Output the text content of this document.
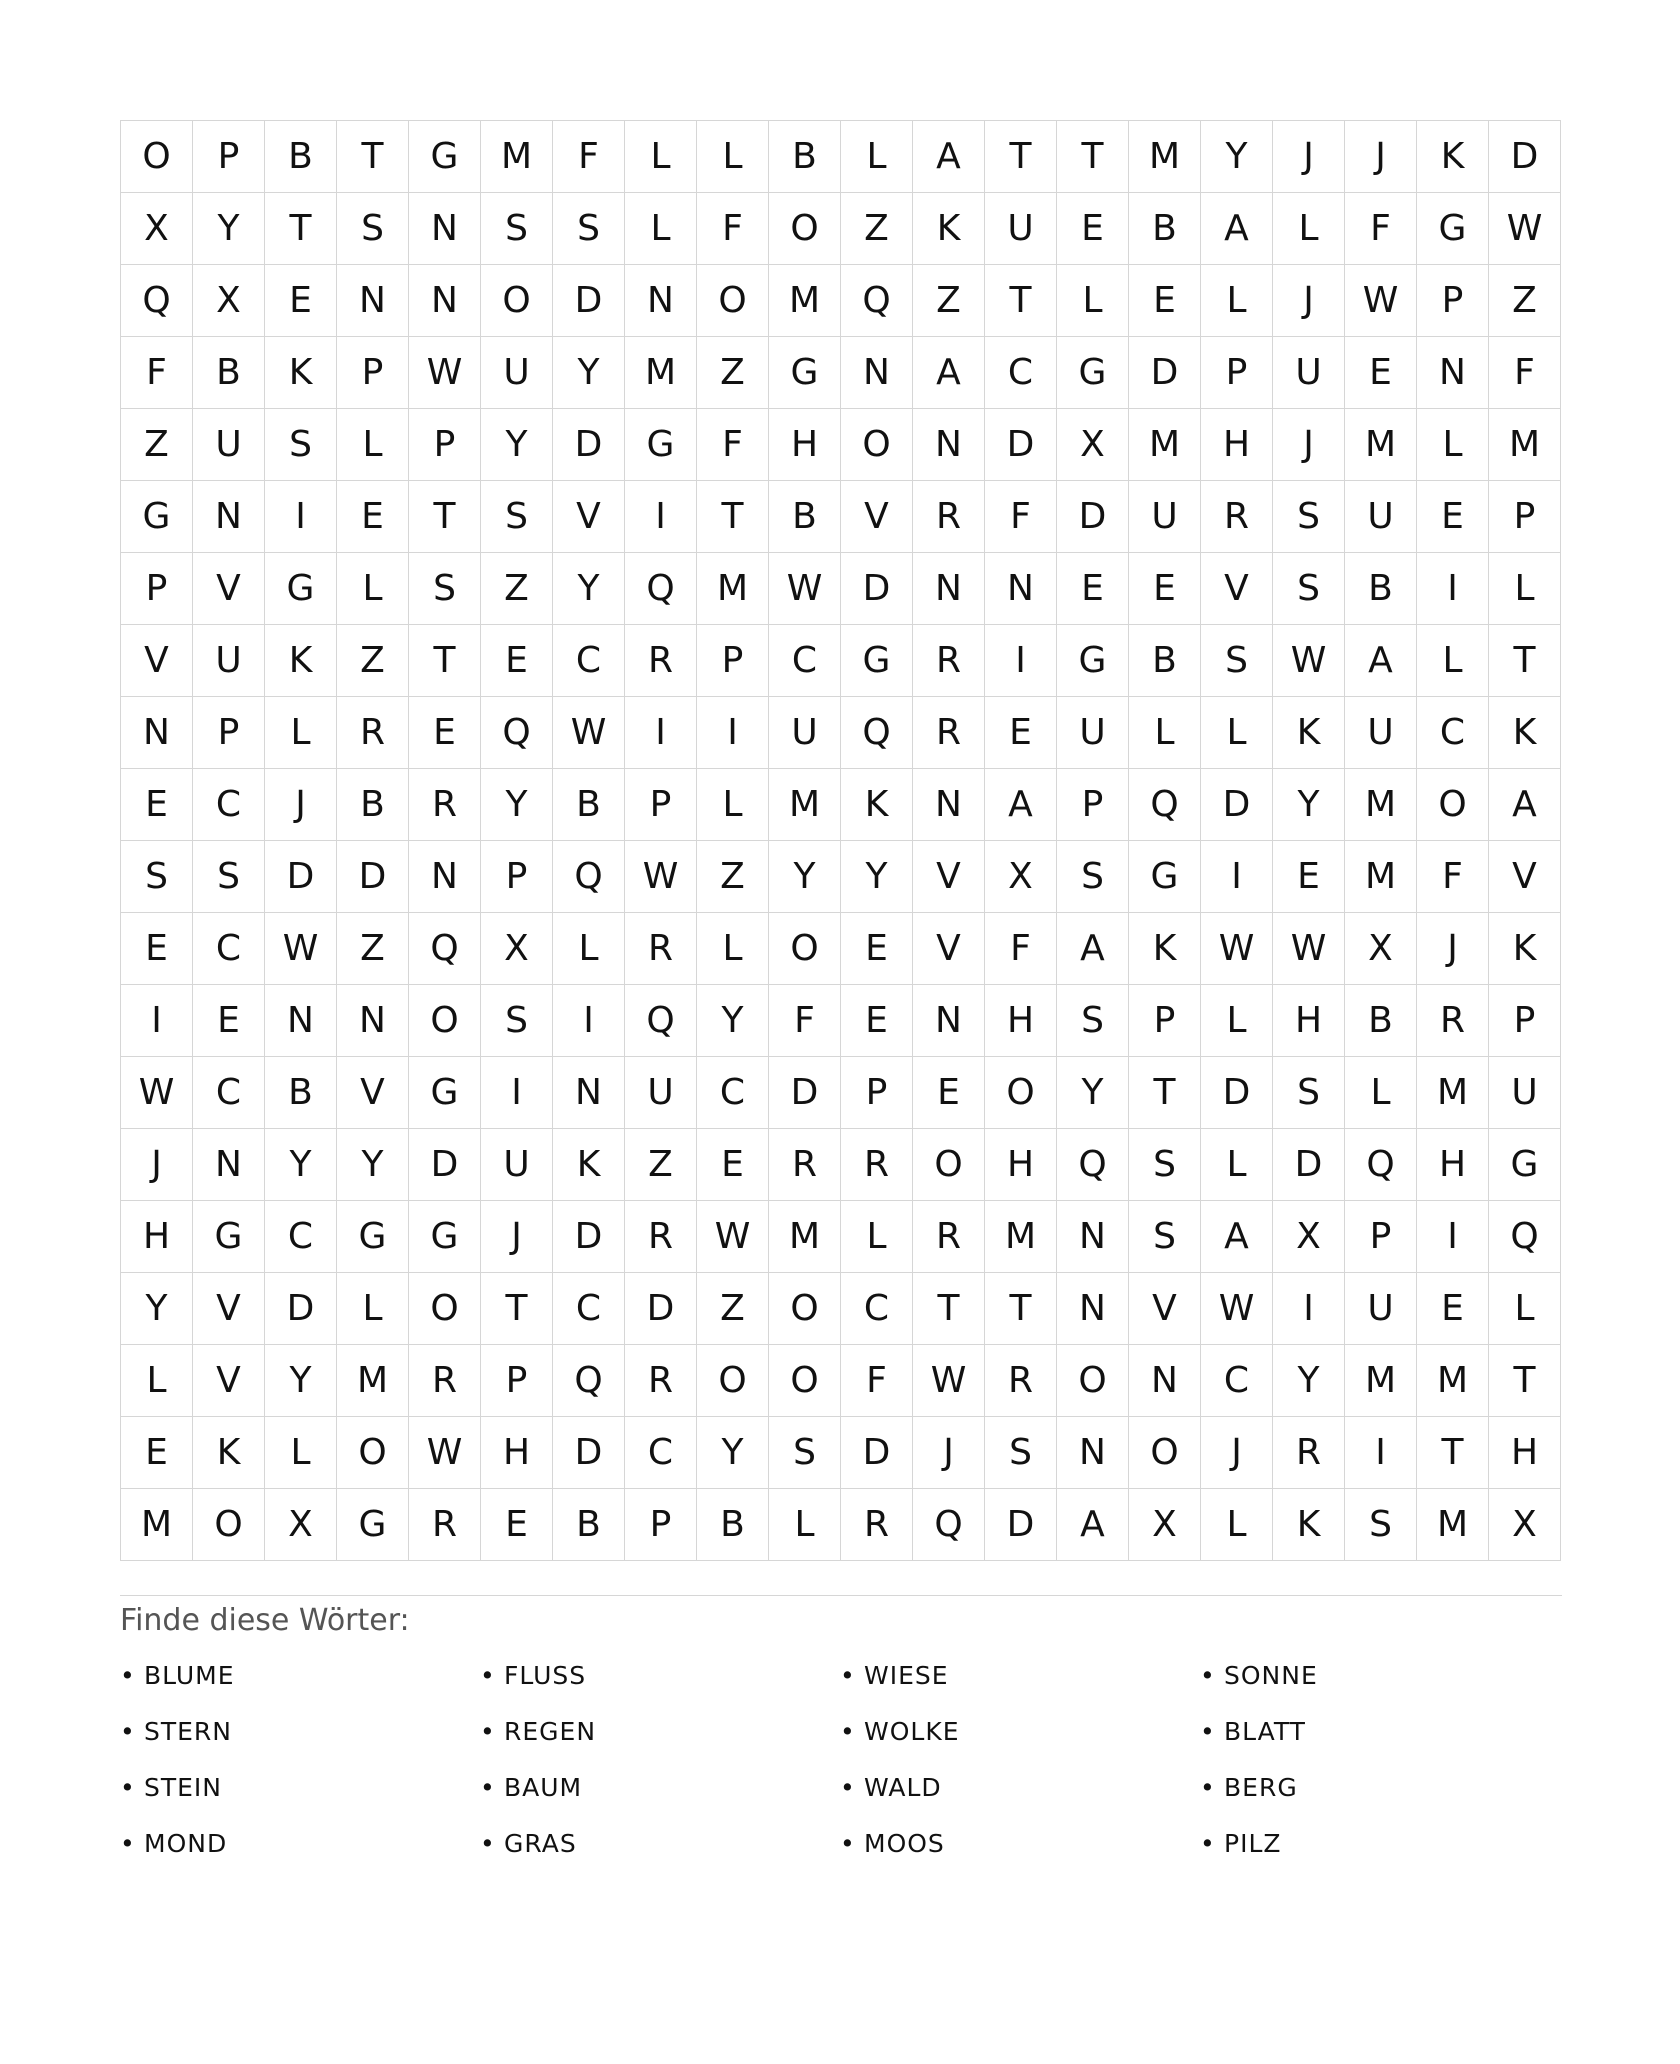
O	P	B	T	G	M	F	L	L	B	L	A	T	T	M	Y	J	J	K	D
X	Y	T	S	N	S	S	L	F	O	Z	K	U	E	B	A	L	F	G	W
Q	X	E	N	N	O	D	N	O	M	Q	Z	T	L	E	L	J	W	P	Z
F	B	K	P	W	U	Y	M	Z	G	N	A	C	G	D	P	U	E	N	F
Z	U	S	L	P	Y	D	G	F	H	O	N	D	X	M	H	J	M	L	M
G	N	I	E	T	S	V	I	T	B	V	R	F	D	U	R	S	U	E	P
P	V	G	L	S	Z	Y	Q	M	W	D	N	N	E	E	V	S	B	I	L
V	U	K	Z	T	E	C	R	P	C	G	R	I	G	B	S	W	A	L	T
N	P	L	R	E	Q	W	I	I	U	Q	R	E	U	L	L	K	U	C	K
E	C	J	B	R	Y	B	P	L	M	K	N	A	P	Q	D	Y	M	O	A
S	S	D	D	N	P	Q	W	Z	Y	Y	V	X	S	G	I	E	M	F	V
E	C	W	Z	Q	X	L	R	L	O	E	V	F	A	K	W	W	X	J	K
I	E	N	N	O	S	I	Q	Y	F	E	N	H	S	P	L	H	B	R	P
W	C	B	V	G	I	N	U	C	D	P	E	O	Y	T	D	S	L	M	U
J	N	Y	Y	D	U	K	Z	E	R	R	O	H	Q	S	L	D	Q	H	G
H	G	C	G	G	J	D	R	W	M	L	R	M	N	S	A	X	P	I	Q
Y	V	D	L	O	T	C	D	Z	O	C	T	T	N	V	W	I	U	E	L
L	V	Y	M	R	P	Q	R	O	O	F	W	R	O	N	C	Y	M	M	T
E	K	L	O	W	H	D	C	Y	S	D	J	S	N	O	J	R	I	T	H
M	O	X	G	R	E	B	P	B	L	R	Q	D	A	X	L	K	S	M	X
Finde diese Wörter:
• BLUME	• FLUSS	• WIESE	• SONNE
• STERN	• REGEN	• WOLKE	• BLATT
• STEIN	• BAUM	• WALD	• BERG
• MOND	• GRAS	• MOOS	• PILZ
